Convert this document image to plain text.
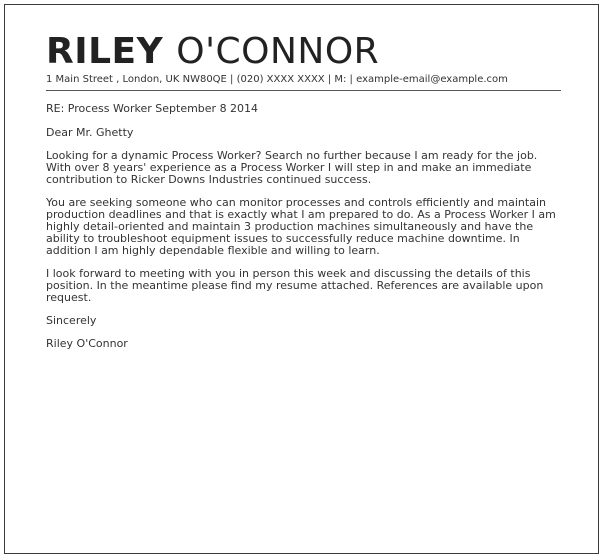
RILEY O'CONNOR
1 Main Street , London, UK NW80QE | (020) XXXX XXXX | M: | example-email@example.com

RE: Process Worker September 8 2014

Dear Mr. Ghetty

Looking for a dynamic Process Worker? Search no further because I am ready for the job. With over 8 years' experience as a Process Worker I will step in and make an immediate contribution to Ricker Downs Industries continued success.

You are seeking someone who can monitor processes and controls efficiently and maintain production deadlines and that is exactly what I am prepared to do. As a Process Worker I am highly detail-oriented and maintain 3 production machines simultaneously and have the ability to troubleshoot equipment issues to successfully reduce machine downtime. In addition I am highly dependable flexible and willing to learn.

I look forward to meeting with you in person this week and discussing the details of this position. In the meantime please find my resume attached. References are available upon request.

Sincerely

Riley O'Connor
